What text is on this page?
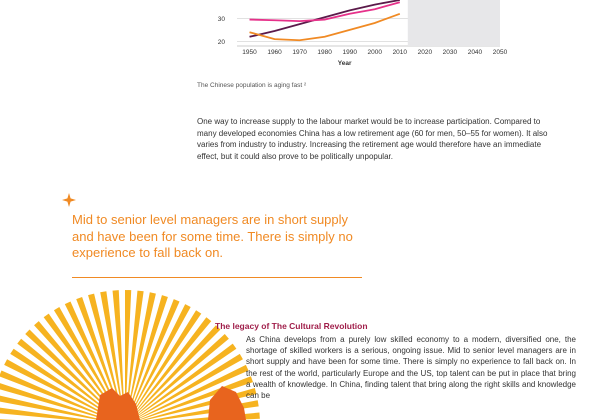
20
30
1950 1960 1970 1980 1990 2000 2010 2020 2030 2040 2050
Year
The Chinese population is aging fast ²

One way to increase supply to the labour market would be to increase participation. Compared to many developed economies China has a low retirement age (60 for men, 50–55 for women). It also varies from industry to industry. Increasing the retirement age would therefore have an immediate effect, but it could also prove to be politically unpopular.

Mid to senior level managers are in short supply and have been for some time. There is simply no experience to fall back on.

The legacy of The Cultural Revolution

As China develops from a purely low skilled economy to a modern, diversified one, the shortage of skilled workers is a serious, ongoing issue. Mid to senior level managers are in short supply and have been for some time. There is simply no experience to fall back on. In the rest of the world, particularly Europe and the US, top talent can be put in place that bring a wealth of knowledge. In China, finding talent that bring along the right skills and knowledge can be
